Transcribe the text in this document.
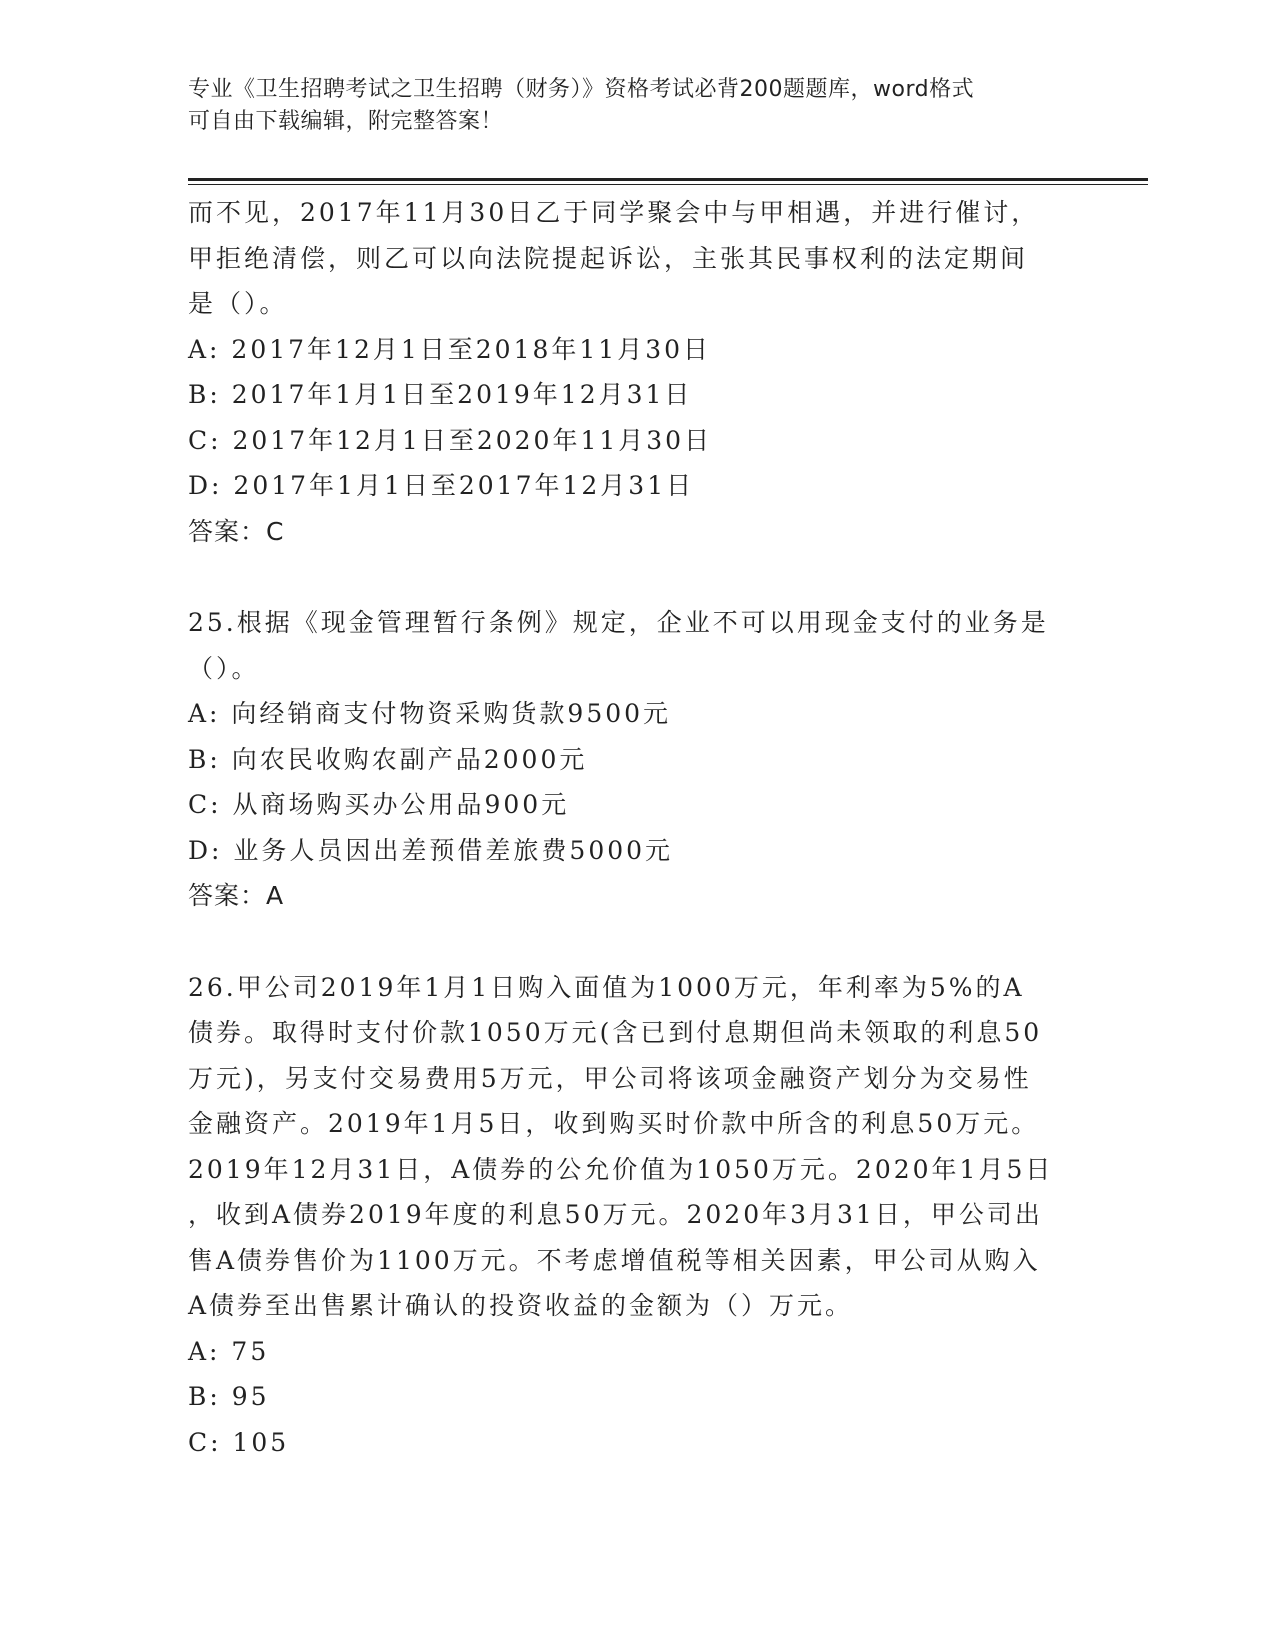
专业《卫生招聘考试之卫生招聘（财务）》资格考试必背200题题库，word格式
可自由下载编辑，附完整答案！
而不见，2017年11月30日乙于同学聚会中与甲相遇，并进行催讨，
甲拒绝清偿，则乙可以向法院提起诉讼，主张其民事权利的法定期间
是（）。
A: 2017年12月1日至2018年11月30日
B: 2017年1月1日至2019年12月31日
C: 2017年12月1日至2020年11月30日
D: 2017年1月1日至2017年12月31日
答案：C
25.根据《现金管理暂行条例》规定，企业不可以用现金支付的业务是
（）。
A: 向经销商支付物资采购货款9500元
B: 向农民收购农副产品2000元
C: 从商场购买办公用品900元
D: 业务人员因出差预借差旅费5000元
答案：A
26.甲公司2019年1月1日购入面值为1000万元，年利率为5%的A
债券。取得时支付价款1050万元(含已到付息期但尚未领取的利息50
万元)，另支付交易费用5万元，甲公司将该项金融资产划分为交易性
金融资产。2019年1月5日，收到购买时价款中所含的利息50万元。
2019年12月31日，A债券的公允价值为1050万元。2020年1月5日
，收到A债券2019年度的利息50万元。2020年3月31日，甲公司出
售A债券售价为1100万元。不考虑增值税等相关因素，甲公司从购入
A债券至出售累计确认的投资收益的金额为（）万元。
A: 75
B: 95
C: 105
